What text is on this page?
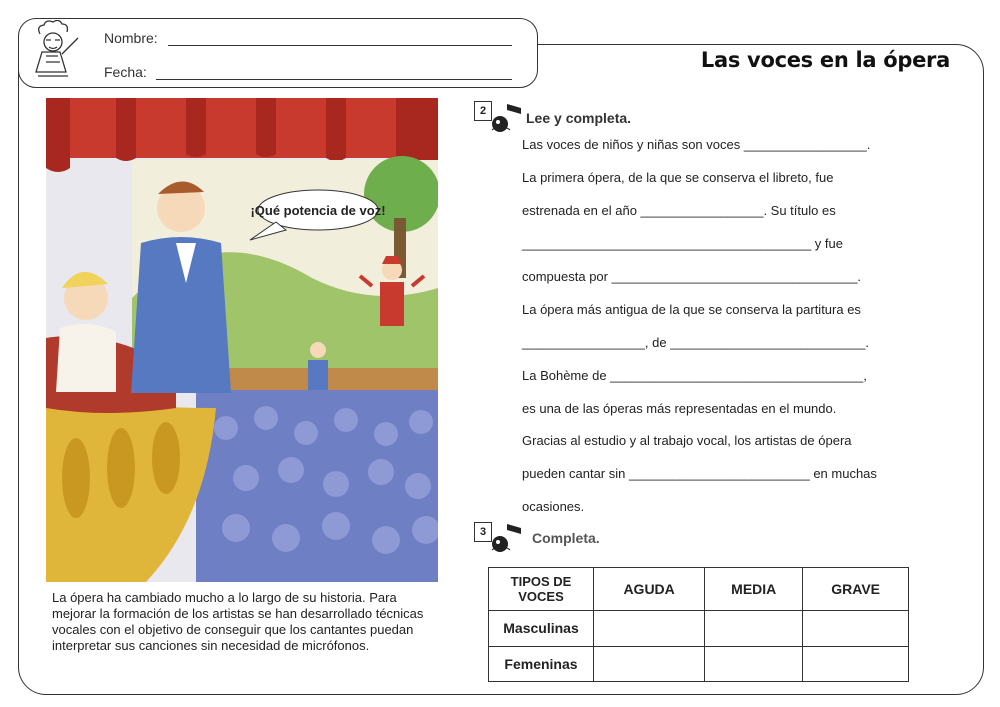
Nombre:
Fecha:	Las voces en la ópera
¡Qué potencia de voz!
La ópera ha cambiado mucho a lo largo de su historia. Para mejorar la formación de los artistas se han desarrollado técnicas vocales con el objetivo de conseguir que los cantantes puedan interpretar sus canciones sin necesidad de micrófonos.
2	Lee y completa.
Las voces de niños y niñas son voces _________________.
La primera ópera, de la que se conserva el libreto, fue
estrenada en el año _________________. Su título es
________________________________________ y fue
compuesta por __________________________________.
La ópera más antigua de la que se conserva la partitura es
_________________, de ___________________________.
La Bohème de ___________________________________,
es una de las óperas más representadas en el mundo.
Gracias al estudio y al trabajo vocal, los artistas de ópera
pueden cantar sin _________________________ en muchas
ocasiones.
3	Completa.
TIPOS DE VOCES	AGUDA	MEDIA	GRAVE
Masculinas			
Femeninas			
